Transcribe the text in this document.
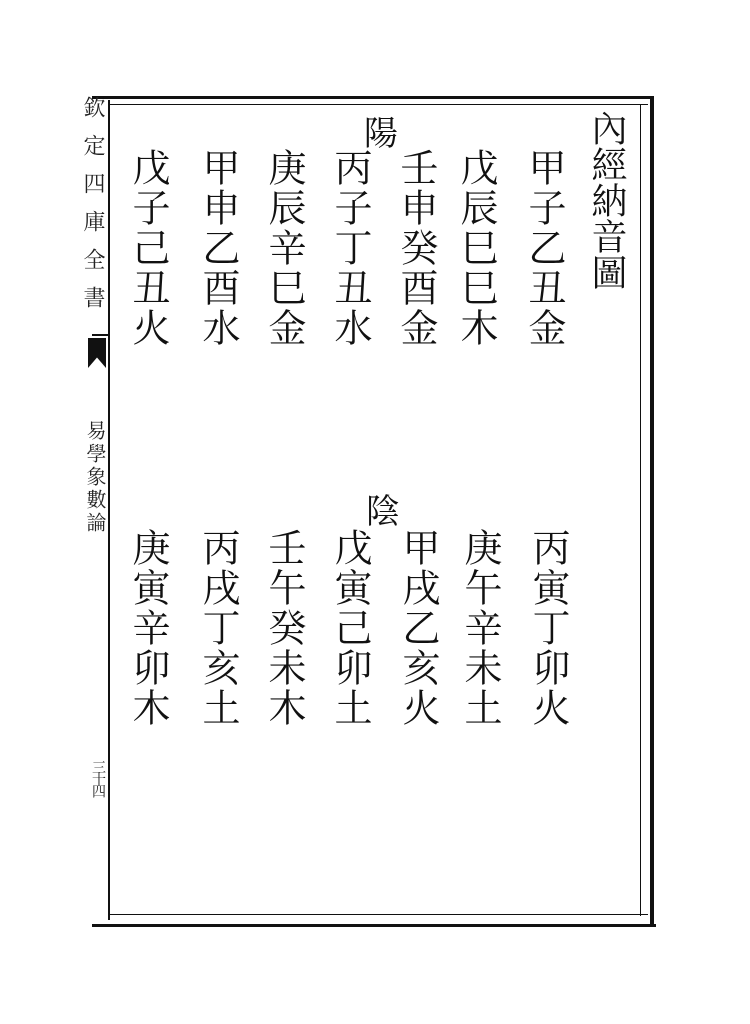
欽定四庫全書
易學象數論
三十四
內經納音圖
陽
甲子乙丑金
戊辰巳巳木
壬申癸酉金
丙子丁丑水
庚辰辛巳金
甲申乙酉水
戊子己丑火
陰
丙寅丁卯火
庚午辛未土
甲戌乙亥火
戊寅己卯土
壬午癸未木
丙戌丁亥土
庚寅辛卯木
